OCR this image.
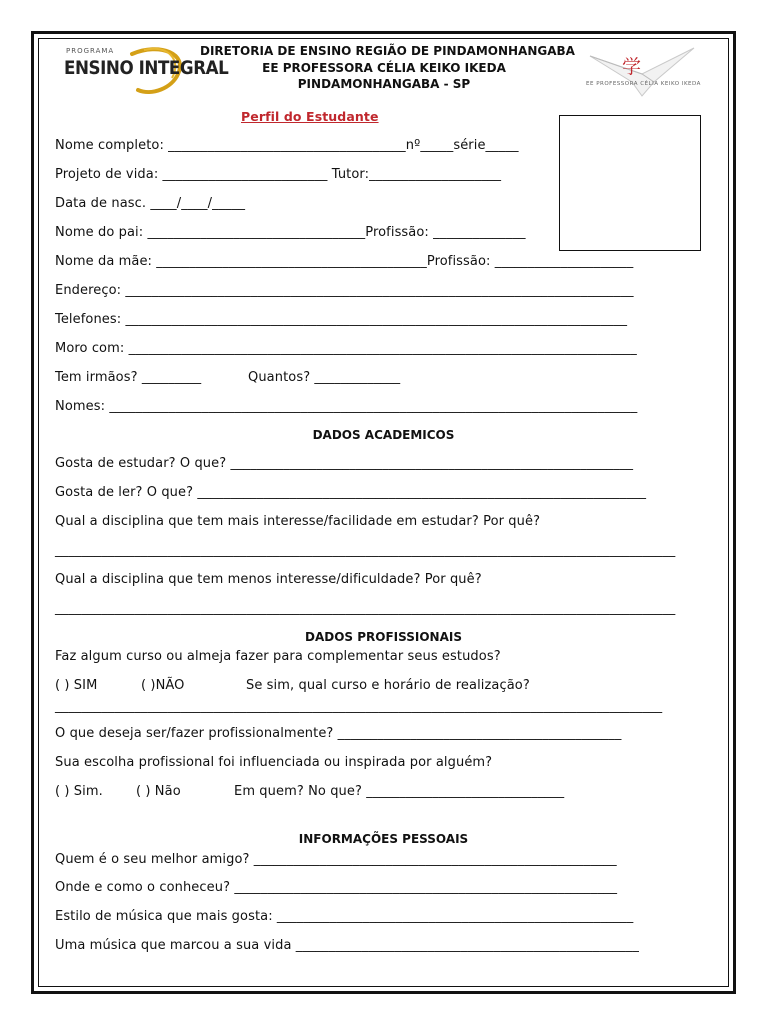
PROGRAMA
ENSINO INTEGRAL
DIRETORIA DE ENSINO REGIÃO DE PINDAMONHANGABA
EE PROFESSORA CÉLIA KEIKO IKEDA
PINDAMONHANGABA - SP
学
EE PROFESSORA CÉLIA KEIKO IKEDA
Perfil do Estudante
Nome completo: ____________________________________nº_____série_____
Projeto de vida: _________________________ Tutor:____________________
Data de nasc. ____/____/_____
Nome do pai: _________________________________Profissão: ______________
Nome da mãe: _________________________________________Profissão: _____________________
Endereço: _____________________________________________________________________________
Telefones: ____________________________________________________________________________
Moro com: _____________________________________________________________________________
Tem irmãos? _________	Quantos? _____________
Nomes: ________________________________________________________________________________
DADOS ACADEMICOS
Gosta de estudar? O que? _____________________________________________________________
Gosta de ler? O que? ____________________________________________________________________
Qual a disciplina que tem mais interesse/facilidade em estudar? Por quê?
______________________________________________________________________________________________
Qual a disciplina que tem menos interesse/dificuldade? Por quê?
______________________________________________________________________________________________
DADOS PROFISSIONAIS
Faz algum curso ou almeja fazer para complementar seus estudos?
( ) SIM	( )NÃO	Se sim, qual curso e horário de realização?
____________________________________________________________________________________________
O que deseja ser/fazer profissionalmente? ___________________________________________
Sua escolha profissional foi influenciada ou inspirada por alguém?
( ) Sim.	( ) Não	Em quem? No que? ______________________________
INFORMAÇÕES PESSOAIS
Quem é o seu melhor amigo? _______________________________________________________
Onde e como o conheceu? __________________________________________________________
Estilo de música que mais gosta: ______________________________________________________
Uma música que marcou a sua vida ____________________________________________________
